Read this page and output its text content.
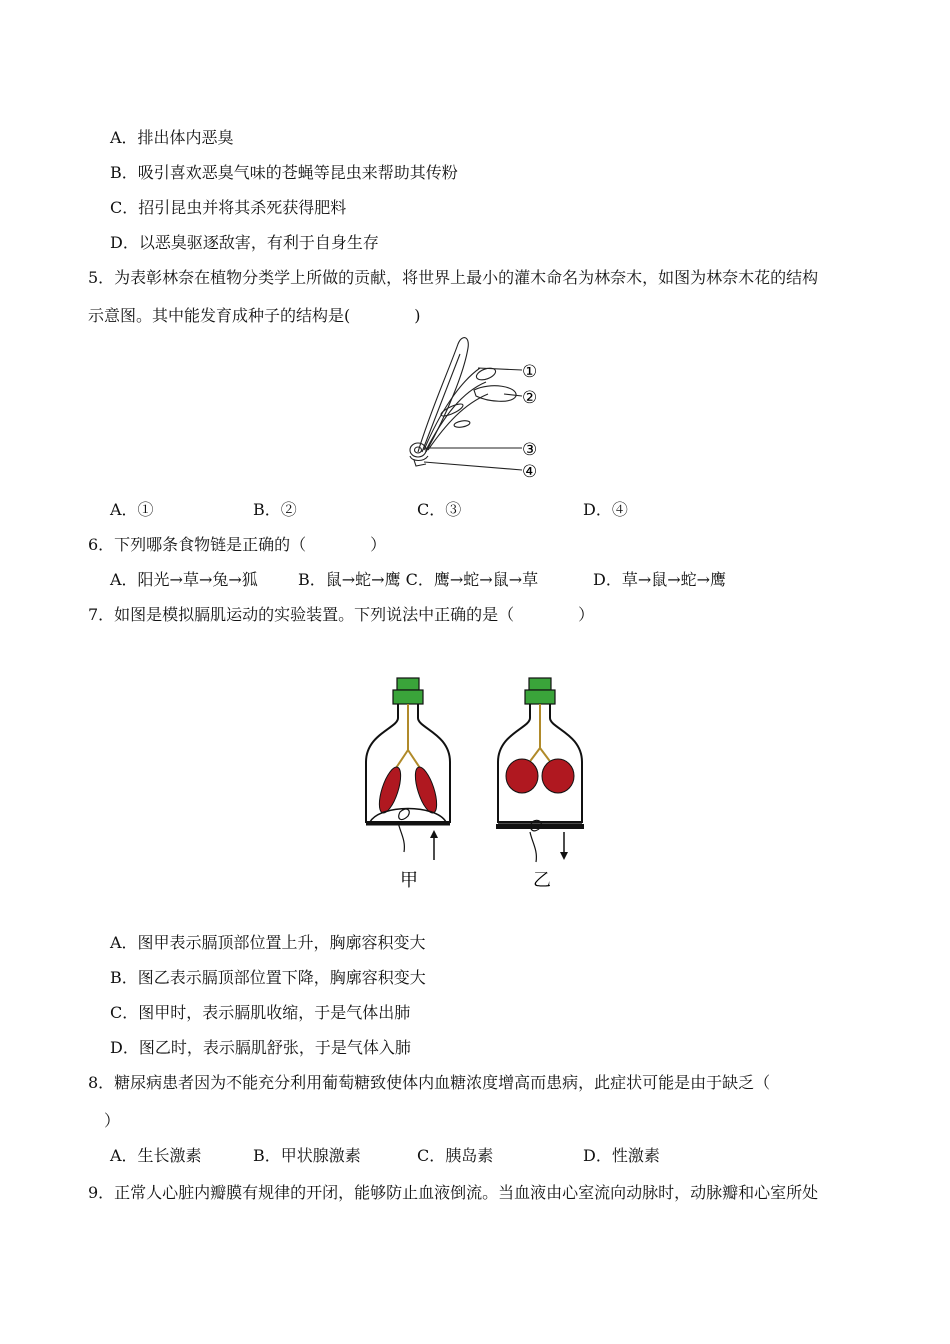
A．排出体内恶臭
B．吸引喜欢恶臭气味的苍蝇等昆虫来帮助其传粉
C．招引昆虫并将其杀死获得肥料
D．以恶臭驱逐敌害，有利于自身生存
5．为表彰林奈在植物分类学上所做的贡献，将世界上最小的灌木命名为林奈木，如图为林奈木花的结构
示意图。其中能发育成种子的结构是(　　　　)
①
②
③
④
A．①	B．②	C．③	D．④
6．下列哪条食物链是正确的（　　　　）
A．阳光→草→兔→狐	B．鼠→蛇→鹰 C．鹰→蛇→鼠→草	D．草→鼠→蛇→鹰
7．如图是模拟膈肌运动的实验装置。下列说法中正确的是（　　　　）
甲	乙
A．图甲表示膈顶部位置上升，胸廓容积变大
B．图乙表示膈顶部位置下降，胸廓容积变大
C．图甲时，表示膈肌收缩，于是气体出肺
D．图乙时，表示膈肌舒张，于是气体入肺
8．糖尿病患者因为不能充分利用葡萄糖致使体内血糖浓度增高而患病，此症状可能是由于缺乏（
）
A．生长激素	B．甲状腺激素	C．胰岛素	D．性激素
9．正常人心脏内瓣膜有规律的开闭，能够防止血液倒流。当血液由心室流向动脉时，动脉瓣和心室所处
